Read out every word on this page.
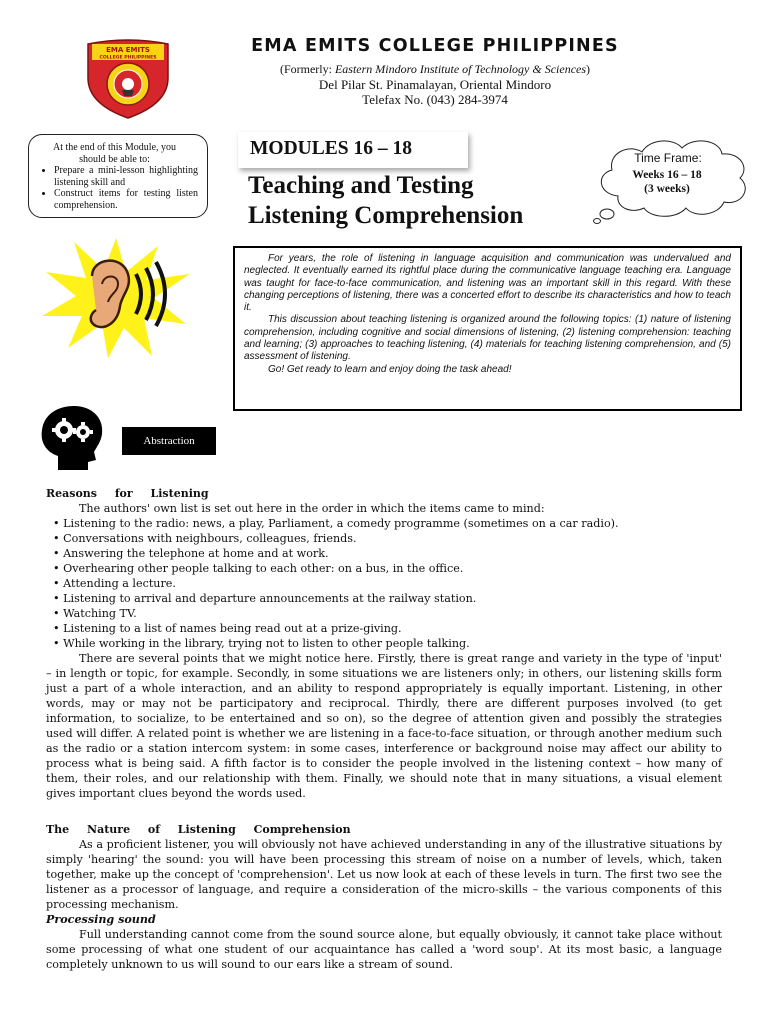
EMA EMITS
COLLEGE PHILIPPINES
EMA EMITS COLLEGE PHILIPPINES
(Formerly: Eastern Mindoro Institute of Technology & Sciences)
Del Pilar St. Pinamalayan, Oriental Mindoro
Telefax No. (043) 284-3974
At the end of this Module, you should be able to:
• Prepare a mini-lesson highlighting listening skill and
• Construct items for testing listen comprehension.
MODULES 16 – 18
Teaching and Testing
Listening Comprehension
Time Frame:
Weeks 16 – 18
(3 weeks)

For years, the role of listening in language acquisition and communication was undervalued and neglected. It eventually earned its rightful place during the communicative language teaching era. Language was taught for face-to-face communication, and listening was an important skill in this regard. With these changing perceptions of listening, there was a concerted effort to describe its characteristics and how to teach it.

This discussion about teaching listening is organized around the following topics: (1) nature of listening comprehension, including cognitive and social dimensions of listening, (2) listening comprehension: teaching and learning; (3) approaches to teaching listening, (4) materials for teaching listening comprehension, and (5) assessment of listening.

Go! Get ready to learn and enjoy doing the task ahead!

Abstraction
Reasons for Listening

The authors' own list is set out here in the order in which the items came to mind:

• Listening to the radio: news, a play, Parliament, a comedy programme (sometimes on a car radio).
• Conversations with neighbours, colleagues, friends.
• Answering the telephone at home and at work.
• Overhearing other people talking to each other: on a bus, in the office.
• Attending a lecture.
• Listening to arrival and departure announcements at the railway station.
• Watching TV.
• Listening to a list of names being read out at a prize-giving.
• While working in the library, trying not to listen to other people talking.

There are several points that we might notice here. Firstly, there is great range and variety in the type of 'input' – in length or topic, for example. Secondly, in some situations we are listeners only; in others, our listening skills form just a part of a whole interaction, and an ability to respond appropriately is equally important. Listening, in other words, may or may not be participatory and reciprocal. Thirdly, there are different purposes involved (to get information, to socialize, to be entertained and so on), so the degree of attention given and possibly the strategies used will differ. A related point is whether we are listening in a face-to-face situation, or through another medium such as the radio or a station intercom system: in some cases, interference or background noise may affect our ability to process what is being said. A fifth factor is to consider the people involved in the listening context – how many of them, their roles, and our relationship with them. Finally, we should note that in many situations, a visual element gives important clues beyond the words used.

The Nature of Listening Comprehension

As a proficient listener, you will obviously not have achieved understanding in any of the illustrative situations by simply 'hearing' the sound: you will have been processing this stream of noise on a number of levels, which, taken together, make up the concept of 'comprehension'. Let us now look at each of these levels in turn. The first two see the listener as a processor of language, and require a consideration of the micro-skills – the various components of this processing mechanism.

Processing sound

Full understanding cannot come from the sound source alone, but equally obviously, it cannot take place without some processing of what one student of our acquaintance has called a 'word soup'. At its most basic, a language completely unknown to us will sound to our ears like a stream of sound.
